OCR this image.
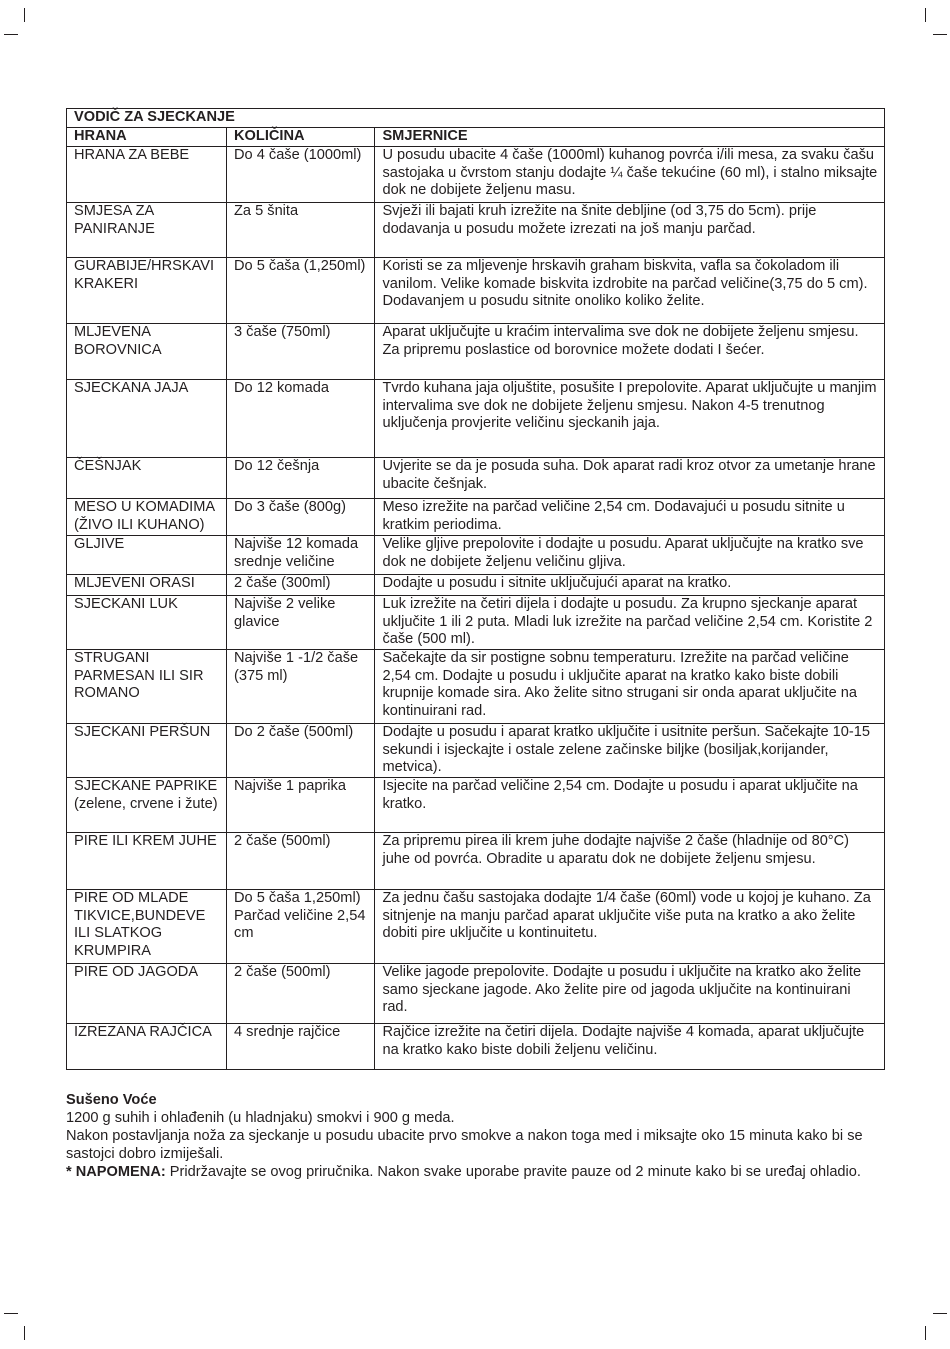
VODIČ ZA SJECKANJE		
HRANA	KOLIČINA	SMJERNICE
HRANA ZA BEBE	Do 4 čaše (1000ml)	U posudu ubacite 4 čaše (1000ml) kuhanog povrća i/ili mesa, za svaku čašu sastojaka u čvrstom stanju dodajte ¼ čaše tekućine (60 ml), i stalno miksajte dok ne dobijete željenu masu.
SMJESA ZA PANIRANJE	Za 5 šnita	Svježi ili bajati kruh izrežite na šnite debljine (od 3,75 do 5cm). prije dodavanja u posudu možete izrezati na još manju parčad.
GURABIJE/HRSKAVI KRAKERI	Do 5 čaša (1,250ml)	Koristi se za mljevenje hrskavih graham biskvita, vafla sa čokoladom ili vanilom. Velike komade biskvita izdrobite na parčad veličine(3,75 do 5 cm). Dodavanjem u posudu sitnite onoliko koliko želite.
MLJEVENA BOROVNICA	3 čaše (750ml)	Aparat uključujte u kraćim intervalima sve dok ne dobijete željenu smjesu. Za pripremu poslastice od borovnice možete dodati I šećer.
SJECKANA JAJA	Do 12 komada	Tvrdo kuhana jaja oljuštite, posušite I prepolovite. Aparat uključujte u manjim intervalima sve dok ne dobijete željenu smjesu. Nakon 4-5 trenutnog uključenja provjerite veličinu sjeckanih jaja.
ČEŠNJAK	Do 12 češnja	Uvjerite se da je posuda suha. Dok aparat radi kroz otvor za umetanje hrane ubacite češnjak.
MESO U KOMADIMA (ŽIVO ILI KUHANO)	Do 3 čaše (800g)	Meso izrežite na parčad veličine 2,54 cm. Dodavajući u posudu sitnite u kratkim periodima.
GLJIVE	Najviše 12 komada srednje veličine	Velike gljive prepolovite i dodajte u posudu. Aparat uključujte na kratko sve dok ne dobijete željenu veličinu gljiva.
MLJEVENI ORASI	2 čaše (300ml)	Dodajte u posudu i sitnite uključujući aparat na kratko.
SJECKANI LUK	Najviše 2 velike glavice	Luk izrežite na četiri dijela i dodajte u posudu. Za krupno sjeckanje aparat uključite 1 ili 2 puta. Mladi luk izrežite na parčad veličine 2,54 cm. Koristite 2 čaše (500 ml).
STRUGANI PARMESAN ILI SIR ROMANO	Najviše 1 -1/2 čaše (375 ml)	Sačekajte da sir postigne sobnu temperaturu. Izrežite na parčad veličine 2,54 cm. Dodajte u posudu i uključite aparat na kratko kako biste dobili krupnije komade sira. Ako želite sitno strugani sir onda aparat uključite na kontinuirani rad.
SJECKANI PERŠUN	Do 2 čaše (500ml)	Dodajte u posudu i aparat kratko uključite i usitnite peršun. Sačekajte 10-15 sekundi i isjeckajte i ostale zelene začinske biljke (bosiljak,korijander, metvica).
SJECKANE PAPRIKE (zelene, crvene i žute)	Najviše 1 paprika	Isjecite na parčad veličine 2,54 cm. Dodajte u posudu i aparat uključite na kratko.
PIRE ILI KREM JUHE	2 čaše (500ml)	Za pripremu pirea ili krem juhe dodajte najviše 2 čaše (hladnije od 80°C) juhe od povrća. Obradite u aparatu dok ne dobijete željenu smjesu.
PIRE OD MLADE TIKVICE,BUNDEVE ILI SLATKOG KRUMPIRA	Do 5 čaša 1,250ml) Parčad veličine 2,54 cm	Za jednu čašu sastojaka dodajte 1/4 čaše (60ml) vode u kojoj je kuhano. Za sitnjenje na manju parčad aparat uključite više puta na kratko a ako želite dobiti pire uključite u kontinuitetu.
PIRE OD JAGODA	2 čaše (500ml)	Velike jagode prepolovite. Dodajte u posudu i uključite na kratko ako želite samo sjeckane jagode. Ako želite pire od jagoda uključite na kontinuirani rad.
IZREZANA RAJČICA	4 srednje rajčice	Rajčice izrežite na četiri dijela. Dodajte najviše 4 komada, aparat uključujte na kratko kako biste dobili željenu veličinu.

Sušeno Voće

1200 g suhih i ohlađenih (u hladnjaku) smokvi i 900 g meda.

Nakon postavljanja noža za sjeckanje u posudu ubacite prvo smokve a nakon toga med i miksajte oko 15 minuta kako bi se sastojci dobro izmiješali.

* NAPOMENA: Pridržavajte se ovog priručnika. Nakon svake uporabe pravite pauze od 2 minute kako bi se uređaj ohladio.
